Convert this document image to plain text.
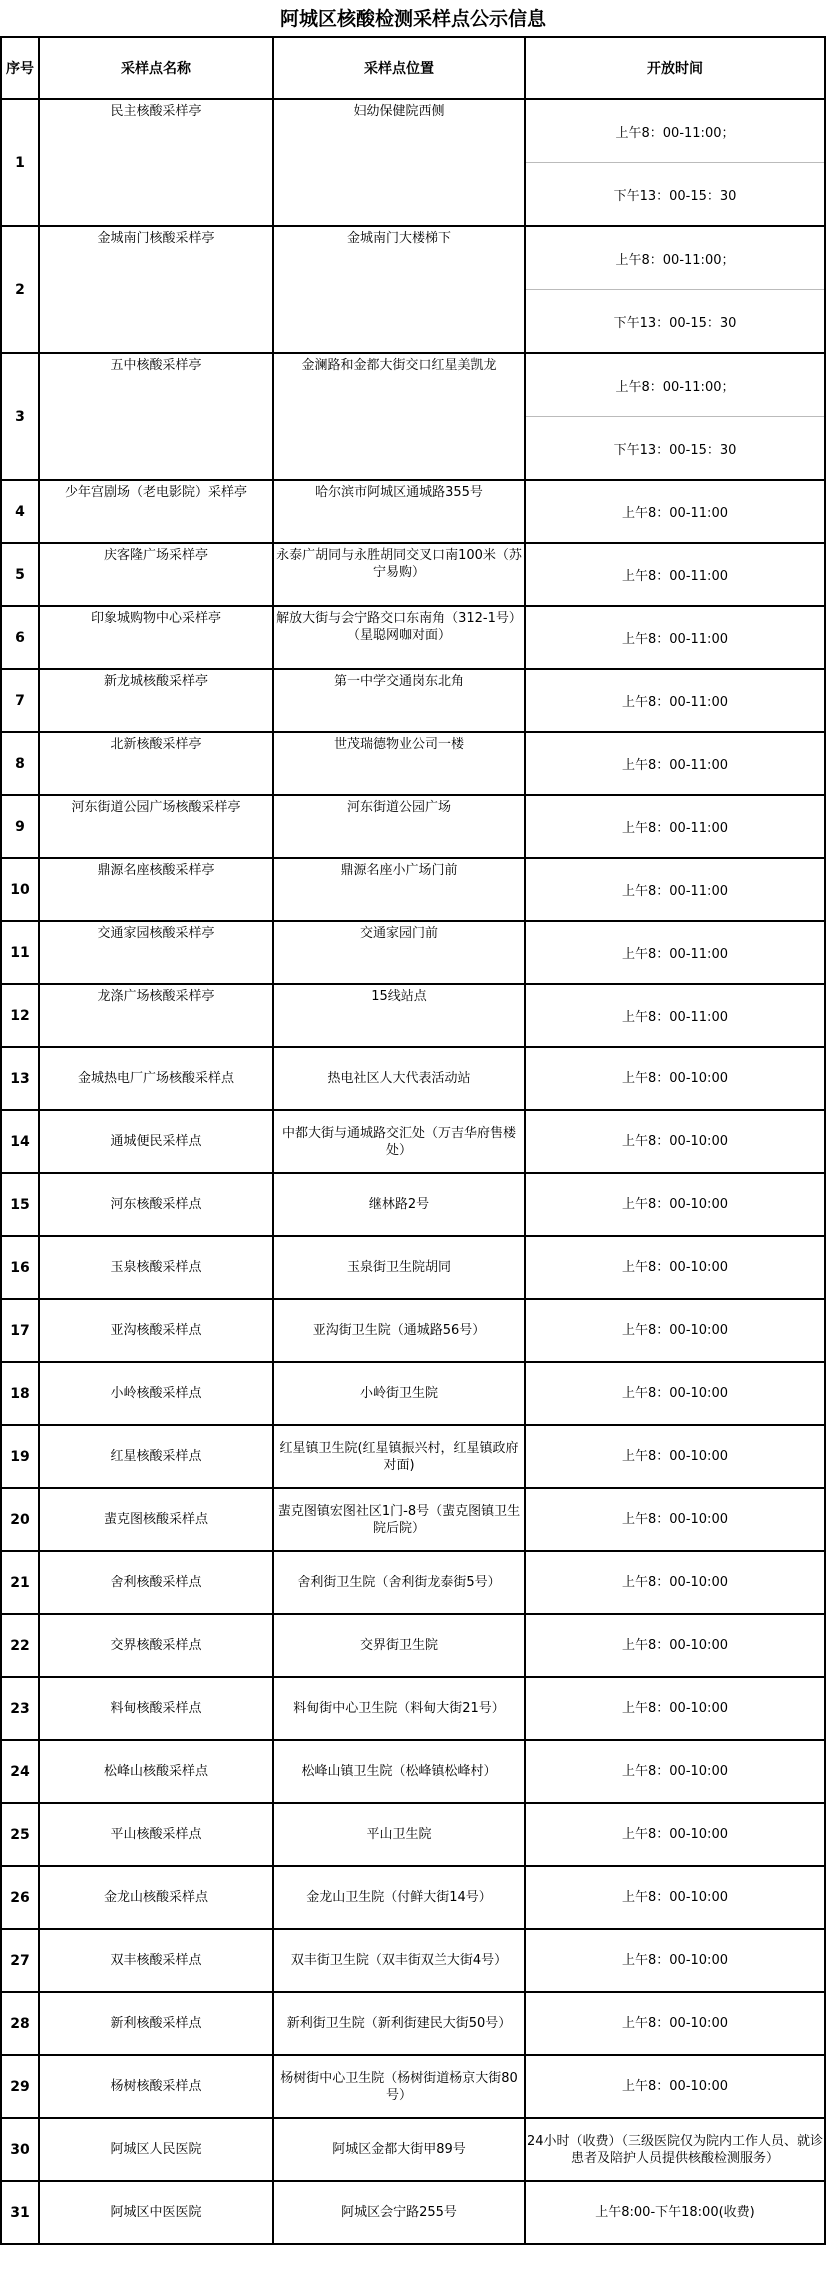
阿城区核酸检测采样点公示信息
序号	采样点名称	采样点位置	开放时间
1	民主核酸采样亭	妇幼保健院西侧	上午8：00-11:00；
			下午13：00-15：30
2	金城南门核酸采样亭	金城南门大楼梯下	上午8：00-11:00；
			下午13：00-15：30
3	五中核酸采样亭	金澜路和金都大街交口红星美凯龙	上午8：00-11:00；
			下午13：00-15：30
4	少年宫剧场（老电影院）采样亭	哈尔滨市阿城区通城路355号	上午8：00-11:00
5	庆客隆广场采样亭	永泰广胡同与永胜胡同交叉口南100米（苏宁易购）	上午8：00-11:00
6	印象城购物中心采样亭	解放大街与会宁路交口东南角（312-1号）（星聪网咖对面）	上午8：00-11:00
7	新龙城核酸采样亭	第一中学交通岗东北角	上午8：00-11:00
8	北新核酸采样亭	世茂瑞德物业公司一楼	上午8：00-11:00
9	河东街道公园广场核酸采样亭	河东街道公园广场	上午8：00-11:00
10	鼎源名座核酸采样亭	鼎源名座小广场门前	上午8：00-11:00
11	交通家园核酸采样亭	交通家园门前	上午8：00-11:00
12	龙涤广场核酸采样亭	15线站点	上午8：00-11:00
13	金城热电厂广场核酸采样点	热电社区人大代表活动站	上午8：00-10:00
14	通城便民采样点	中都大街与通城路交汇处（万吉华府售楼处）	上午8：00-10:00
15	河东核酸采样点	继林路2号	上午8：00-10:00
16	玉泉核酸采样点	玉泉街卫生院胡同	上午8：00-10:00
17	亚沟核酸采样点	亚沟街卫生院（通城路56号）	上午8：00-10:00
18	小岭核酸采样点	小岭街卫生院	上午8：00-10:00
19	红星核酸采样点	红星镇卫生院(红星镇振兴村，红星镇政府对面)	上午8：00-10:00
20	蜚克图核酸采样点	蜚克图镇宏图社区1门-8号（蜚克图镇卫生院后院）	上午8：00-10:00
21	舍利核酸采样点	舍利街卫生院（舍利街龙泰街5号）	上午8：00-10:00
22	交界核酸采样点	交界街卫生院	上午8：00-10:00
23	料甸核酸采样点	料甸街中心卫生院（料甸大街21号）	上午8：00-10:00
24	松峰山核酸采样点	松峰山镇卫生院（松峰镇松峰村）	上午8：00-10:00
25	平山核酸采样点	平山卫生院	上午8：00-10:00
26	金龙山核酸采样点	金龙山卫生院（付鲜大街14号）	上午8：00-10:00
27	双丰核酸采样点	双丰街卫生院（双丰街双兰大街4号）	上午8：00-10:00
28	新利核酸采样点	新利街卫生院（新利街建民大街50号）	上午8：00-10:00
29	杨树核酸采样点	杨树街中心卫生院（杨树街道杨京大街80号）	上午8：00-10:00
30	阿城区人民医院	阿城区金都大街甲89号	24小时（收费）（三级医院仅为院内工作人员、就诊患者及陪护人员提供核酸检测服务）
31	阿城区中医医院	阿城区会宁路255号	上午8:00-下午18:00(收费)
